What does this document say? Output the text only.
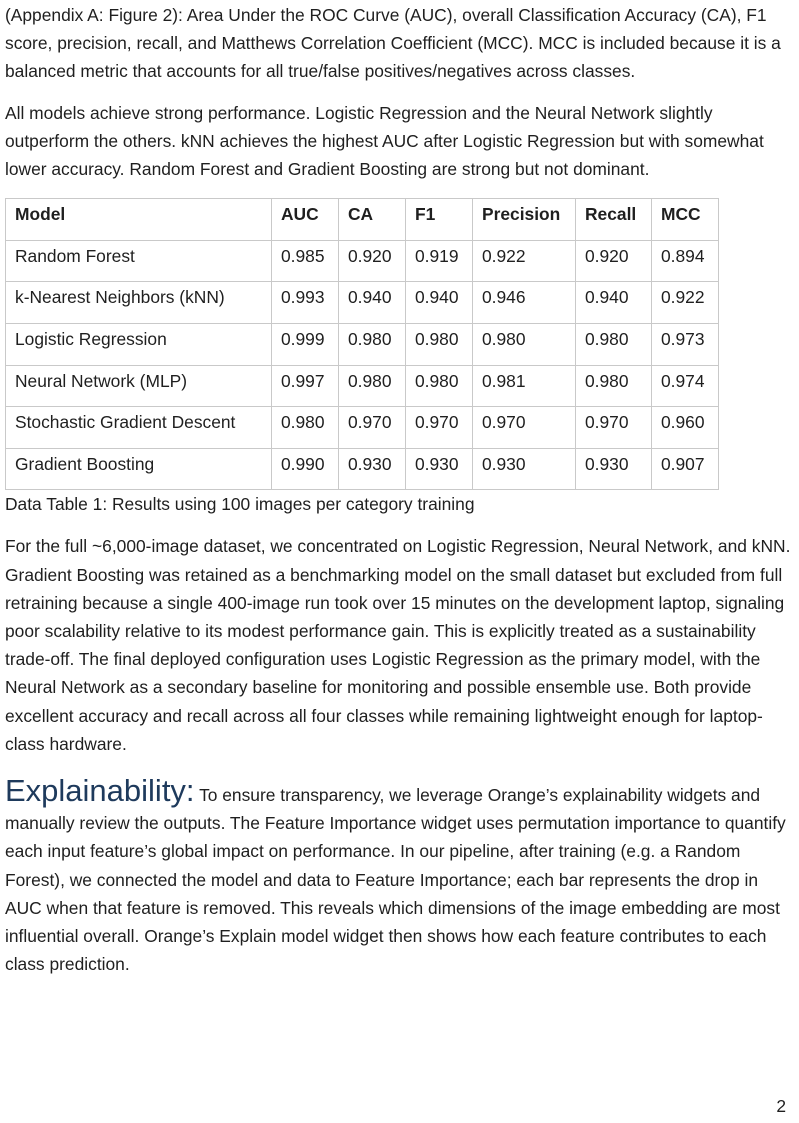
(Appendix A: Figure 2): Area Under the ROC Curve (AUC), overall Classification Accuracy (CA), F1 score, precision, recall, and Matthews Correlation Coefficient (MCC). MCC is included because it is a balanced metric that accounts for all true/false positives/negatives across classes.

All models achieve strong performance. Logistic Regression and the Neural Network slightly outperform the others. kNN achieves the highest AUC after Logistic Regression but with somewhat lower accuracy. Random Forest and Gradient Boosting are strong but not dominant.

Model	AUC	CA	F1	Precision	Recall	MCC
Random Forest	0.985	0.920	0.919	0.922	0.920	0.894
k-Nearest Neighbors (kNN)	0.993	0.940	0.940	0.946	0.940	0.922
Logistic Regression	0.999	0.980	0.980	0.980	0.980	0.973
Neural Network (MLP)	0.997	0.980	0.980	0.981	0.980	0.974
Stochastic Gradient Descent	0.980	0.970	0.970	0.970	0.970	0.960
Gradient Boosting	0.990	0.930	0.930	0.930	0.930	0.907
Data Table 1: Results using 100 images per category training

For the full ~6,000-image dataset, we concentrated on Logistic Regression, Neural Network, and kNN. Gradient Boosting was retained as a benchmarking model on the small dataset but excluded from full retraining because a single 400-image run took over 15 minutes on the development laptop, signaling poor scalability relative to its modest performance gain. This is explicitly treated as a sustainability trade-off. The final deployed configuration uses Logistic Regression as the primary model, with the Neural Network as a secondary baseline for monitoring and possible ensemble use. Both provide excellent accuracy and recall across all four classes while remaining lightweight enough for laptop-class hardware.

Explainability: To ensure transparency, we leverage Orange’s explainability widgets and manually review the outputs. The Feature Importance widget uses permutation importance to quantify each input feature’s global impact on performance. In our pipeline, after training (e.g. a Random Forest), we connected the model and data to Feature Importance; each bar represents the drop in AUC when that feature is removed. This reveals which dimensions of the image embedding are most influential overall. Orange’s Explain model widget then shows how each feature contributes to each class prediction.

2
